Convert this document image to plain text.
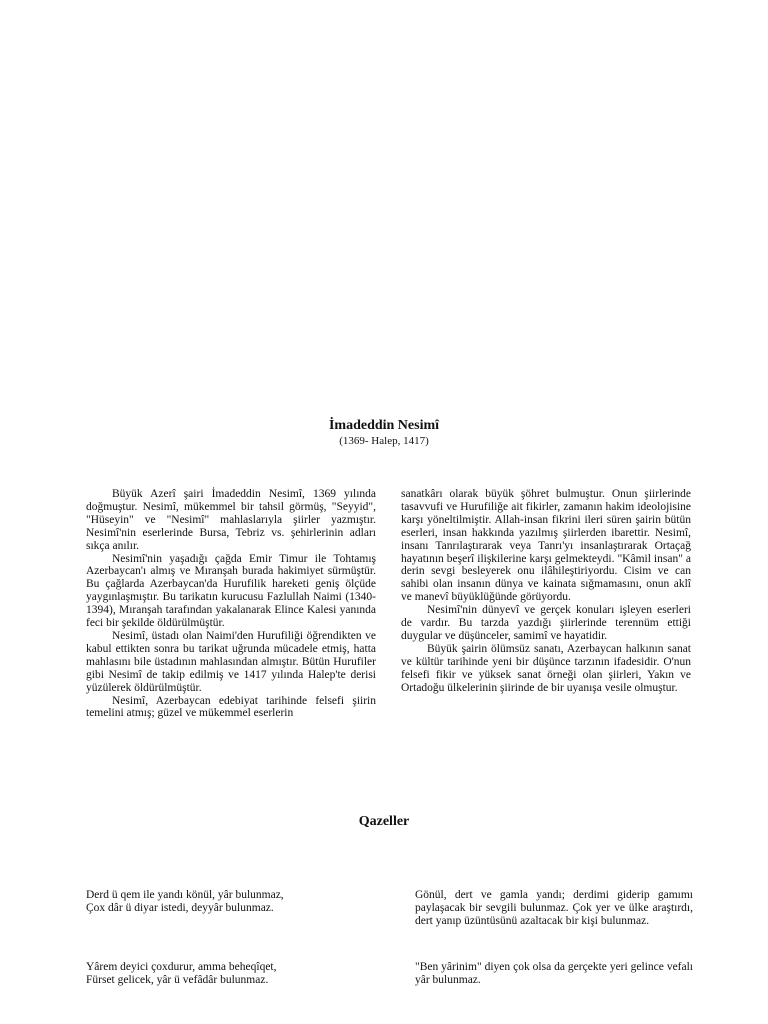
İmadeddin Nesimî
(1369- Halep, 1417)

Büyük Azerî şairi İmadeddin Nesimî, 1369 yılında doğmuştur. Nesimî, mükemmel bir tahsil görmüş, "Seyyid", "Hüseyin" ve "Nesimî" mahlaslarıyla şiirler yazmıştır. Nesimî'nin eserlerinde Bursa, Tebriz vs. şehirlerinin adları sıkça anılır.

Nesimî'nin yaşadığı çağda Emir Timur ile Tohtamış Azerbaycan'ı almış ve Mıranşah burada hakimiyet sürmüştür. Bu çağlarda Azerbaycan'da Hurufilik hareketi geniş ölçüde yaygınlaşmıştır. Bu tarikatın kurucusu Fazlullah Naimi (1340-1394), Mıranşah tarafından yakalanarak Elince Kalesi yanında feci bir şekilde öldürülmüştür.

Nesimî, üstadı olan Naimi'den Hurufiliği öğrendikten ve kabul ettikten sonra bu tarikat uğrunda mücadele etmiş, hatta mahlasını bile üstadının mahlasından almıştır. Bütün Hurufiler gibi Nesimî de takip edilmiş ve 1417 yılında Halep'te derisi yüzülerek öldürülmüştür.

Nesimî, Azerbaycan edebiyat tarihinde felsefi şiirin temelini atmış; güzel ve mükemmel eserlerin

sanatkârı olarak büyük şöhret bulmuştur. Onun şiirlerinde tasavvufi ve Hurufiliğe ait fikirler, zamanın hakim ideolojisine karşı yöneltilmiştir. Allah-insan fikrini ileri süren şairin bütün eserleri, insan hakkında yazılmış şiirlerden ibarettir. Nesimî, insanı Tanrılaştırarak veya Tanrı'yı insanlaştırarak Ortaçağ hayatının beşerî ilişkilerine karşı gelmekteydi. "Kâmil insan" a derin sevgi besleyerek onu ilâhileştiriyordu. Cisim ve can sahibi olan insanın dünya ve kainata sığmamasını, onun aklî ve manevî büyüklüğünde görüyordu.

Nesimî'nin dünyevî ve gerçek konuları işleyen eserleri de vardır. Bu tarzda yazdığı şiirlerinde terennüm ettiği duygular ve düşünceler, samimî ve hayatidir.

Büyük şairin ölümsüz sanatı, Azerbaycan halkının sanat ve kültür tarihinde yeni bir düşünce tarzının ifadesidir. O'nun felsefi fikir ve yüksek sanat örneği olan şiirleri, Yakın ve Ortadoğu ülkelerinin şiirinde de bir uyanışa vesile olmuştur.

Qazeller

Derd ü qem ile yandı könül, yâr bulunmaz,

Çox dâr ü diyar istedi, deyyâr bulunmaz.

Gönül, dert ve gamla yandı; derdimi giderip gamımı paylaşacak bir sevgili bulunmaz. Çok yer ve ülke araştırdı, dert yanıp üzüntüsünü azaltacak bir kişi bulunmaz.

Yârem deyici çoxdurur, amma beheqîqet,

Fürset gelicek, yâr ü vefâdâr bulunmaz.

"Ben yârinim" diyen çok olsa da gerçekte yeri gelince vefalı yâr bulunmaz.
